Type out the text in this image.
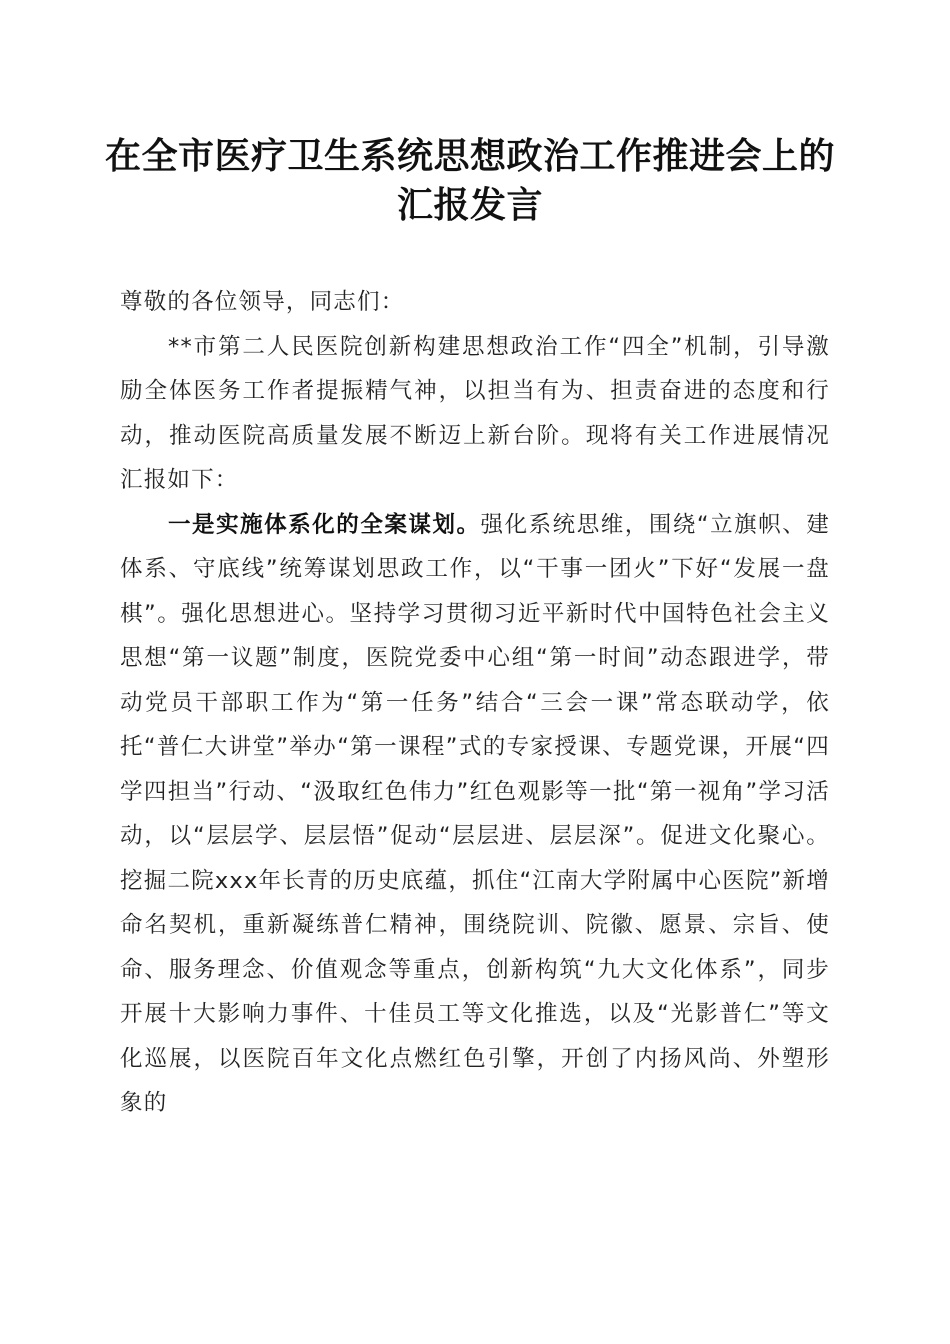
在全市医疗卫生系统思想政治工作推进会上的
汇报发言

尊敬的各位领导，同志们：

**市第二人民医院创新构建思想政治工作“四全”机制，引导激励全体医务工作者提振精气神，以担当有为、担责奋进的态度和行动，推动医院高质量发展不断迈上新台阶。现将有关工作进展情况汇报如下：

一是实施体系化的全案谋划。强化系统思维，围绕“立旗帜、建体系、守底线”统筹谋划思政工作，以“干事一团火”下好“发展一盘棋”。强化思想进心。坚持学习贯彻习近平新时代中国特色社会主义思想“第一议题”制度，医院党委中心组“第一时间”动态跟进学，带动党员干部职工作为“第一任务”结合“三会一课”常态联动学，依托“普仁大讲堂”举办“第一课程”式的专家授课、专题党课，开展“四学四担当”行动、“汲取红色伟力”红色观影等一批“第一视角”学习活动，以“层层学、层层悟”促动“层层进、层层深”。促进文化聚心。挖掘二院xxx年长青的历史底蕴，抓住“江南大学附属中心医院”新增命名契机，重新凝练普仁精神，围绕院训、院徽、愿景、宗旨、使命、服务理念、价值观念等重点，创新构筑“九大文化体系”，同步开展十大影响力事件、十佳员工等文化推选，以及“光影普仁”等文化巡展，以医院百年文化点燃红色引擎，开创了内扬风尚、外塑形象的
